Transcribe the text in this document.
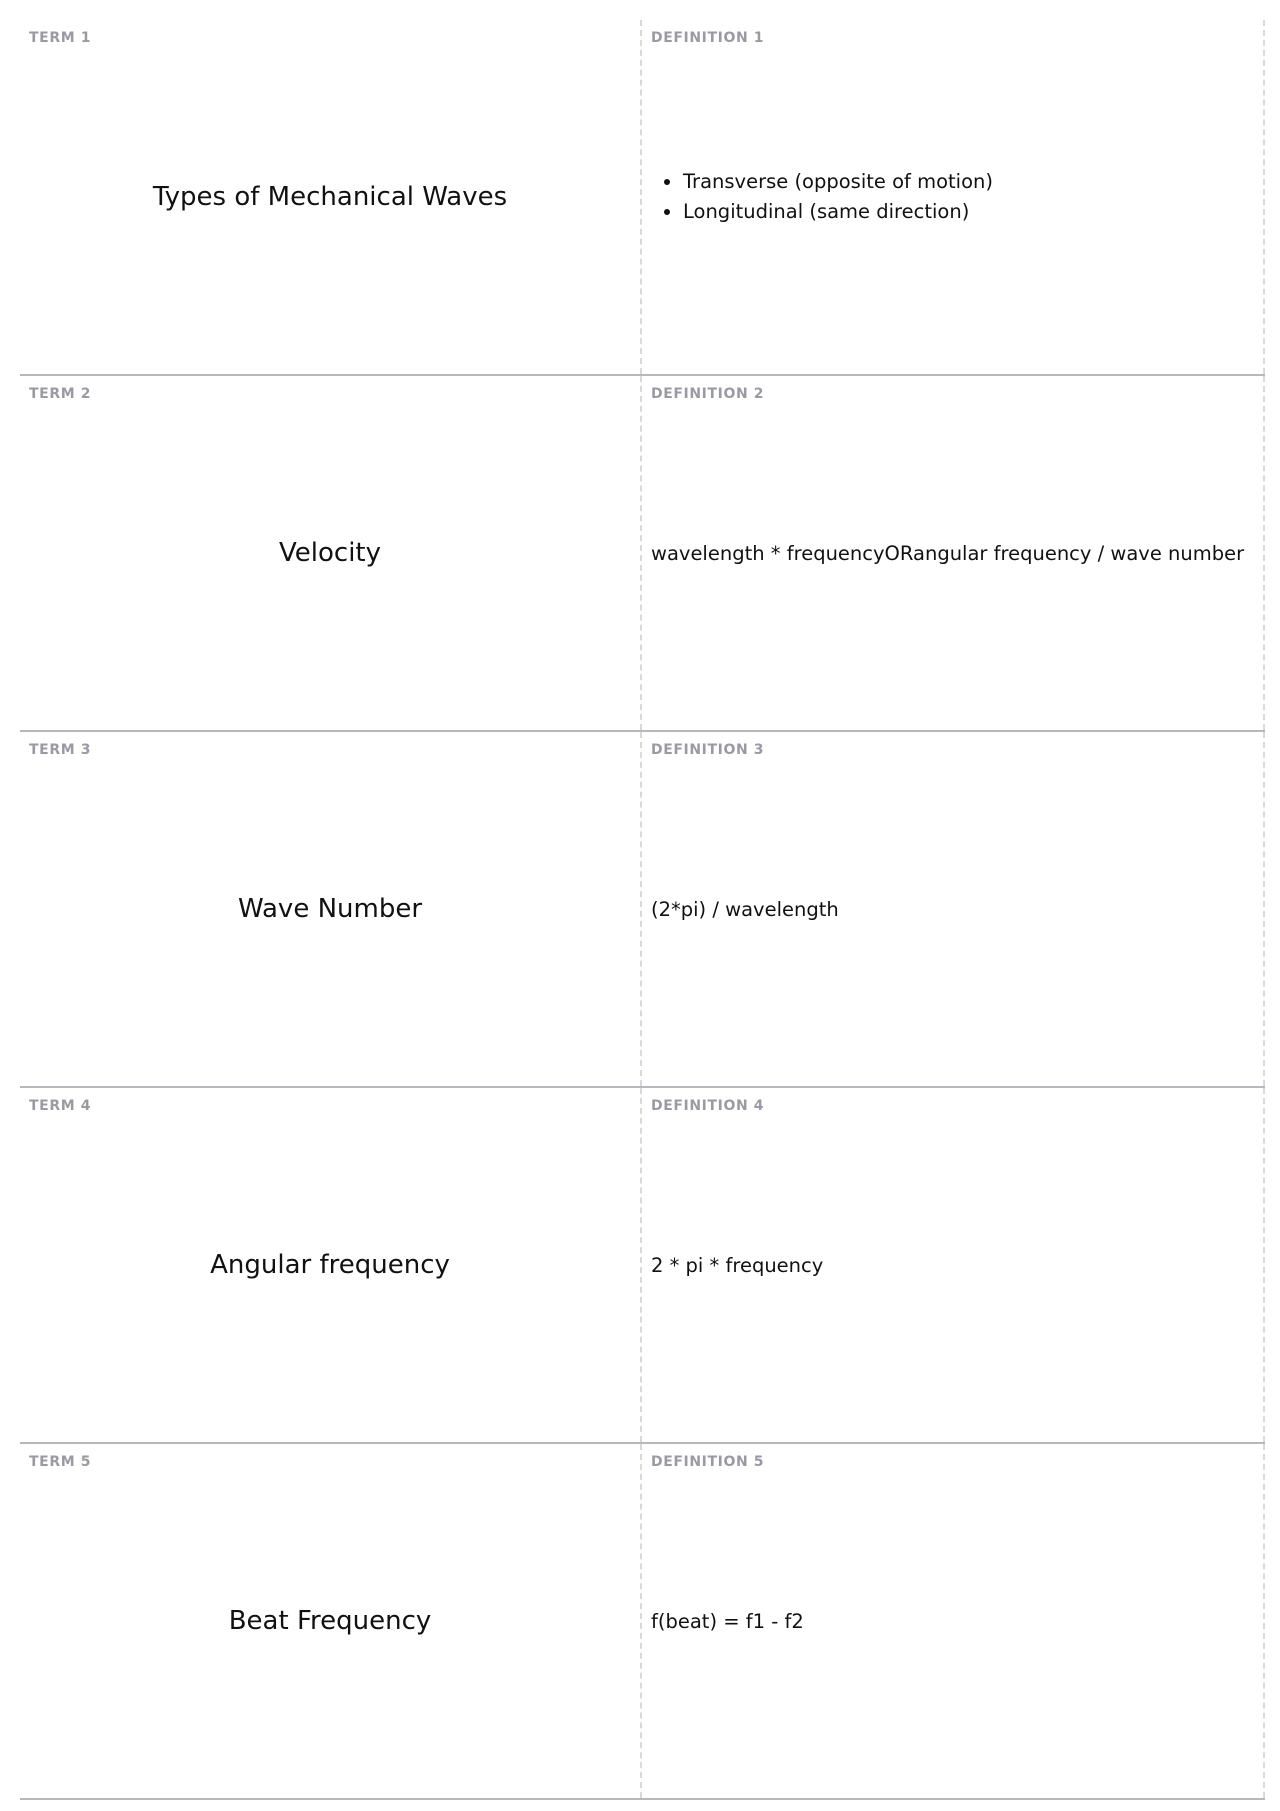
TERM 1
Types of Mechanical Waves
DEFINITION 1
• Transverse (opposite of motion)
• Longitudinal (same direction)
TERM 2
Velocity
DEFINITION 2
wavelength * frequencyORangular frequency / wave number
TERM 3
Wave Number
DEFINITION 3
(2*pi) / wavelength
TERM 4
Angular frequency
DEFINITION 4
2 * pi * frequency
TERM 5
Beat Frequency
DEFINITION 5
f(beat) = f1 - f2
